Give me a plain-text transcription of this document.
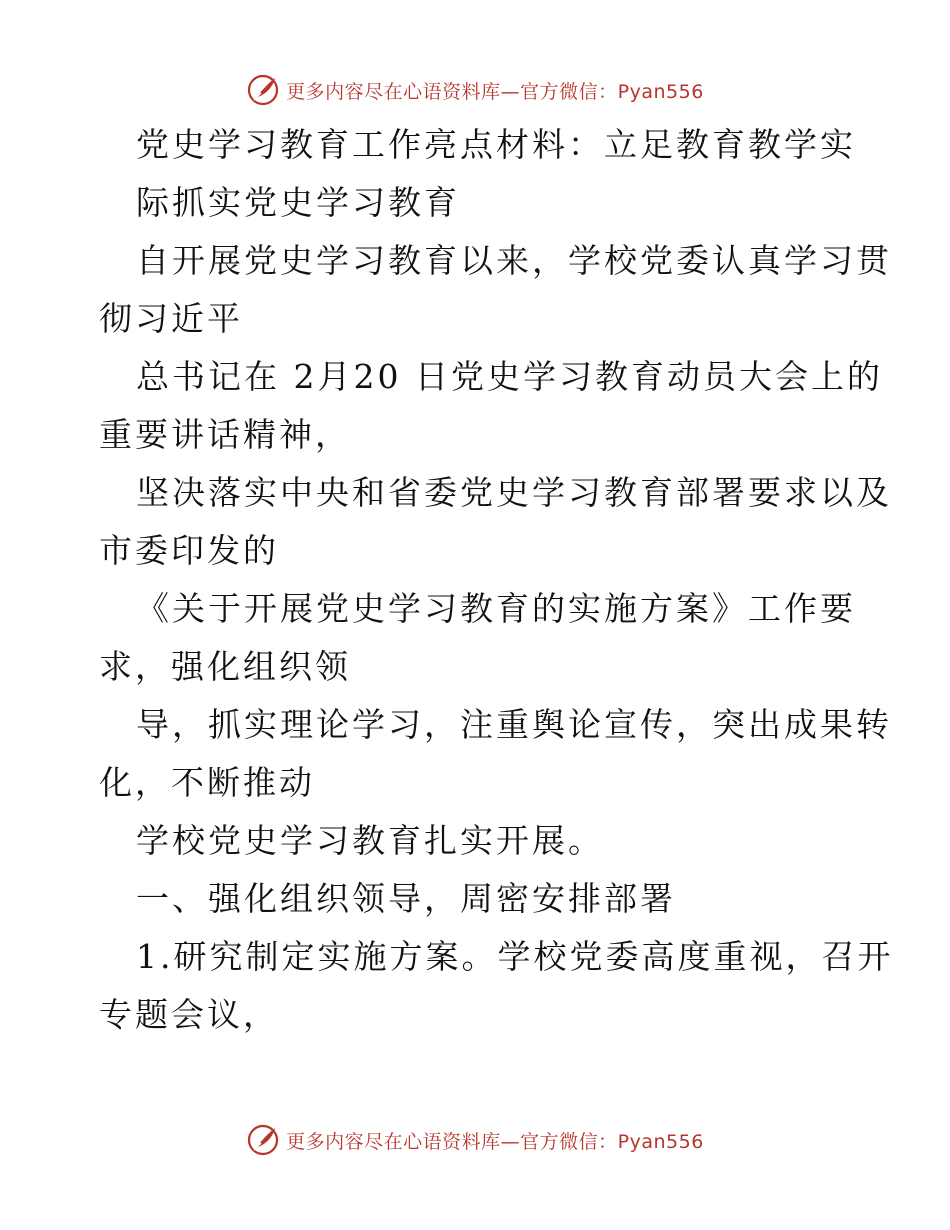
更多内容尽在心语资料库—官方微信：Pyan556
党史学习教育工作亮点材料：立足教育教学实
际抓实党史学习教育
自开展党史学习教育以来，学校党委认真学习贯
彻习近平
总书记在 2月20 日党史学习教育动员大会上的
重要讲话精神，
坚决落实中央和省委党史学习教育部署要求以及
市委印发的
《关于开展党史学习教育的实施方案》工作要
求，强化组织领
导，抓实理论学习，注重舆论宣传，突出成果转
化，不断推动
学校党史学习教育扎实开展。
一、强化组织领导，周密安排部署
1.研究制定实施方案。学校党委高度重视，召开
专题会议，
更多内容尽在心语资料库—官方微信：Pyan556
